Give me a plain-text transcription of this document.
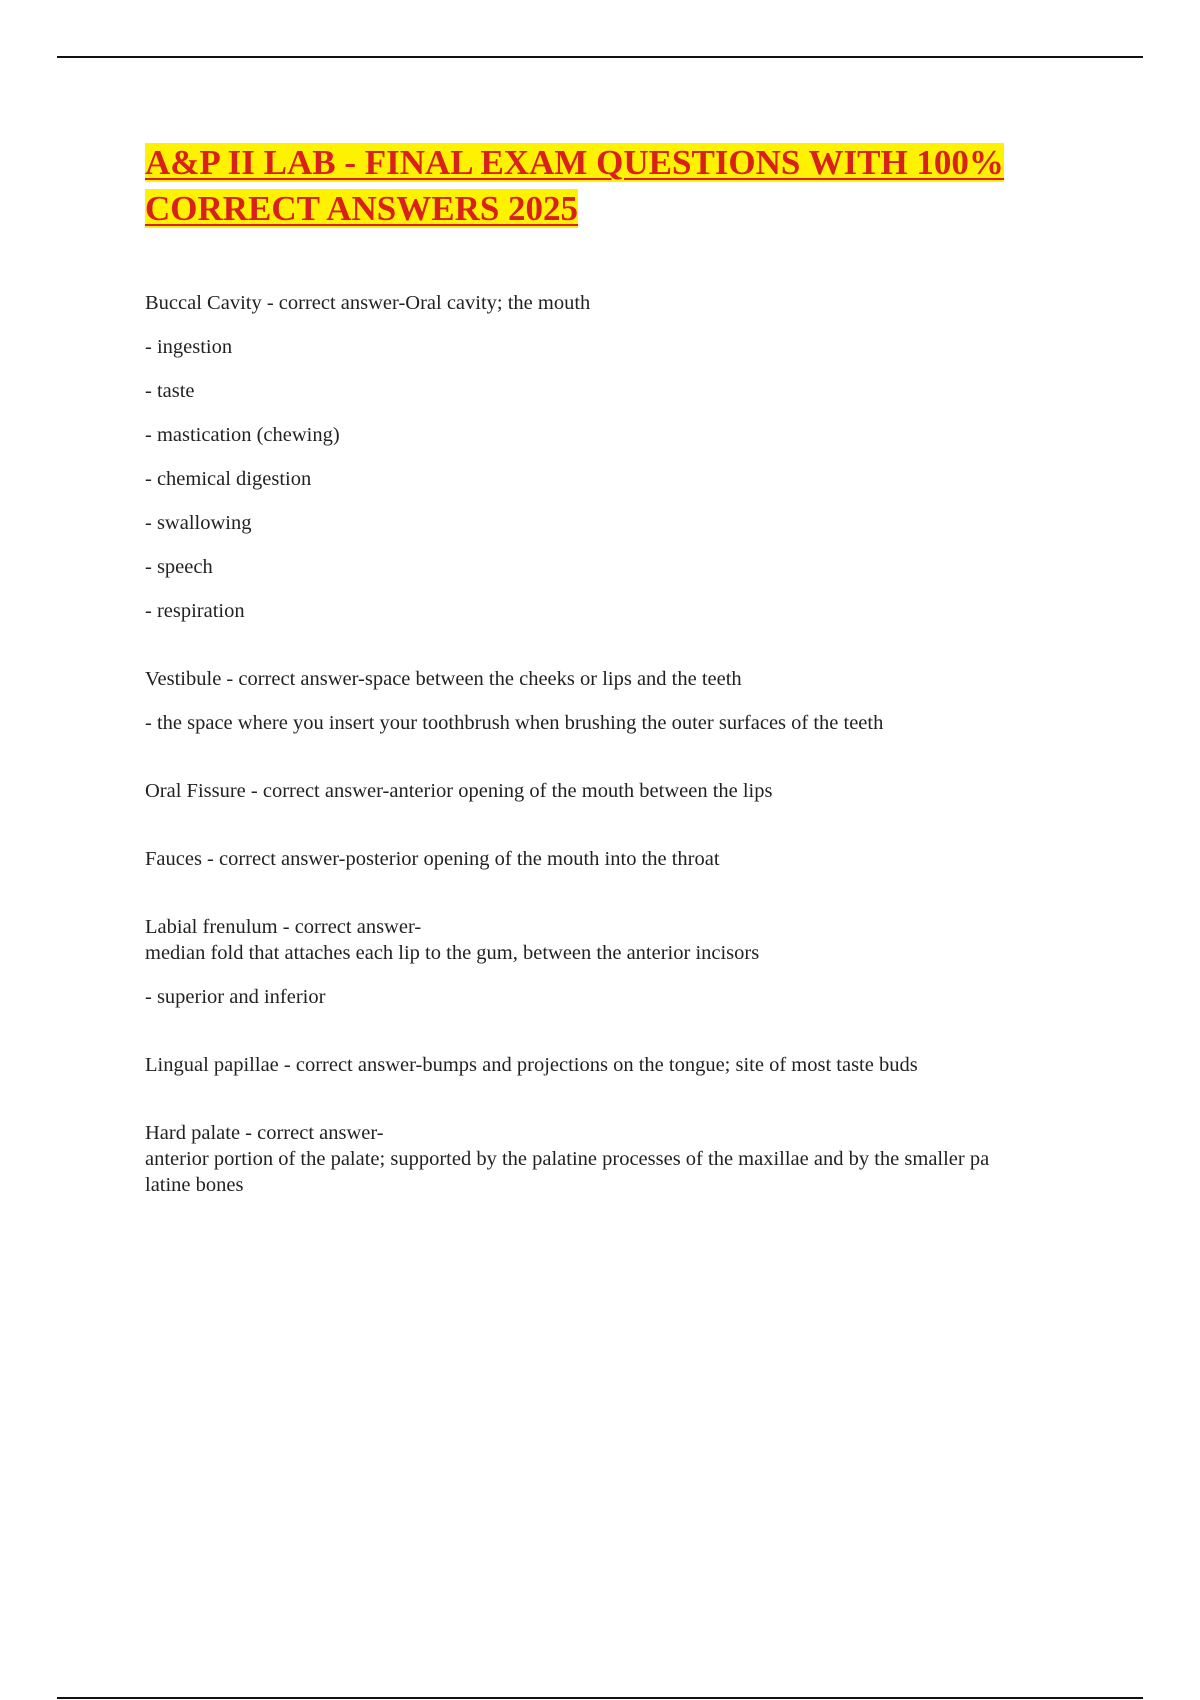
A&P II LAB - FINAL EXAM QUESTIONS WITH 100%
CORRECT ANSWERS 2025

Buccal Cavity - correct answer-Oral cavity; the mouth

- ingestion

- taste

- mastication (chewing)

- chemical digestion

- swallowing

- speech

- respiration

Vestibule - correct answer-space between the cheeks or lips and the teeth

- the space where you insert your toothbrush when brushing the outer surfaces of the teeth

Oral Fissure - correct answer-anterior opening of the mouth between the lips

Fauces - correct answer-posterior opening of the mouth into the throat

Labial frenulum - correct answer-

median fold that attaches each lip to the gum, between the anterior incisors

- superior and inferior

Lingual papillae - correct answer-bumps and projections on the tongue; site of most taste buds

Hard palate - correct answer-

anterior portion of the palate; supported by the palatine processes of the maxillae and by the smaller pa

latine bones
